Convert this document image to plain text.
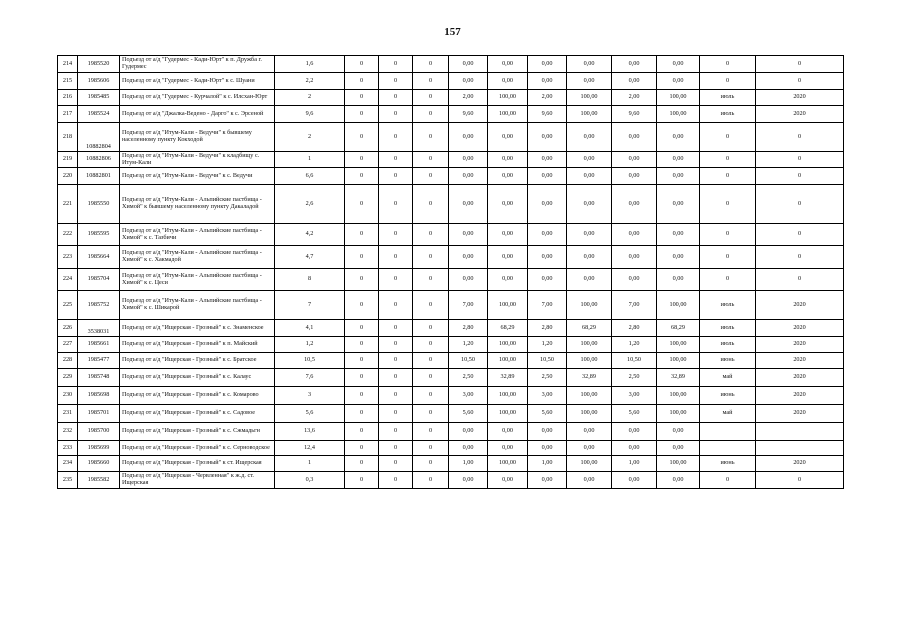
157
214	1985520	Подъезд от а/д "Гудермес - Кади-Юрт" к п. Дружба г. Гудермес	1,6	0	0	0	0,00	0,00	0,00	0,00	0,00	0,00	0	0
215	1985606	Подъезд от а/д "Гудермес - Кади-Юрт" к с. Шуани	2,2	0	0	0	0,00	0,00	0,00	0,00	0,00	0,00	0	0
216	1985485	Подъезд от а/д "Гудермес - Курчалой" к с. Илсхан-Юрт	2	0	0	0	2,00	100,00	2,00	100,00	2,00	100,00	июль	2020
217	1985524	Подъезд от а/д "Джалка-Ведено - Дарго" к с. Эрсеной	9,6	0	0	0	9,60	100,00	9,60	100,00	9,60	100,00	июль	2020
218	10882804	Подъезд от а/д "Итум-Кали - Ведучи" к бывшему населенному пункту Кокходой	2	0	0	0	0,00	0,00	0,00	0,00	0,00	0,00	0	0
219	10882806	Подъезд от а/д "Итум-Кали - Ведучи" к кладбищу с. Итум-Кали	1	0	0	0	0,00	0,00	0,00	0,00	0,00	0,00	0	0
220	10882801	Подъезд от а/д "Итум-Кали - Ведучи" к с. Ведучи	6,6	0	0	0	0,00	0,00	0,00	0,00	0,00	0,00	0	0
221	1985550	Подъезд от а/д "Итум-Кали - Альпийские пастбища - Химой" к бывшему населенному пункту Дакаладой	2,6	0	0	0	0,00	0,00	0,00	0,00	0,00	0,00	0	0
222	1985595	Подъезд от а/д "Итум-Кали - Альпийские пастбища - Химой" к с. Тазбичи	4,2	0	0	0	0,00	0,00	0,00	0,00	0,00	0,00	0	0
223	1985664	Подъезд от а/д "Итум-Кали - Альпийские пастбища - Химой" к с. Хакмадой	4,7	0	0	0	0,00	0,00	0,00	0,00	0,00	0,00	0	0
224	1985704	Подъезд от а/д "Итум-Кали - Альпийские пастбища - Химой" к с. Цеси	8	0	0	0	0,00	0,00	0,00	0,00	0,00	0,00	0	0
225	1985752	Подъезд от а/д "Итум-Кали - Альпийские пастбища - Химой" к с. Шикарой	7	0	0	0	7,00	100,00	7,00	100,00	7,00	100,00	июль	2020
226	3538031	Подъезд от а/д "Ищерская - Грозный" к с. Знаменское	4,1	0	0	0	2,80	68,29	2,80	68,29	2,80	68,29	июль	2020
227	1985661	Подъезд от а/д "Ищерская - Грозный" к п. Майский	1,2	0	0	0	1,20	100,00	1,20	100,00	1,20	100,00	июль	2020
228	1985477	Подъезд от а/д "Ищерская - Грозный" к с. Братское	10,5	0	0	0	10,50	100,00	10,50	100,00	10,50	100,00	июнь	2020
229	1985748	Подъезд от а/д "Ищерская - Грозный" к с. Калаус	7,6	0	0	0	2,50	32,89	2,50	32,89	2,50	32,89	май	2020
230	1985698	Подъезд от а/д "Ищерская - Грозный" к с. Комарово	3	0	0	0	3,00	100,00	3,00	100,00	3,00	100,00	июнь	2020
231	1985701	Подъезд от а/д "Ищерская - Грозный" к с. Садовое	5,6	0	0	0	5,60	100,00	5,60	100,00	5,60	100,00	май	2020
232	1985700	Подъезд от а/д "Ищерская - Грозный" к с. Сжмадьгн	13,6	0	0	0	0,00	0,00	0,00	0,00	0,00	0,00		
233	1985699	Подъезд от а/д "Ищерская - Грозный" к с. Серноводское	12,4	0	0	0	0,00	0,00	0,00	0,00	0,00	0,00		
234	1985660	Подъезд от а/д "Ищерская - Грозный" к ст. Ищерская	1	0	0	0	1,00	100,00	1,00	100,00	1,00	100,00	июнь	2020
235	1985582	Подъезд от а/д "Ищерская - Червленная" к ж.д. ст. Ищерская	0,3	0	0	0	0,00	0,00	0,00	0,00	0,00	0,00	0	0
